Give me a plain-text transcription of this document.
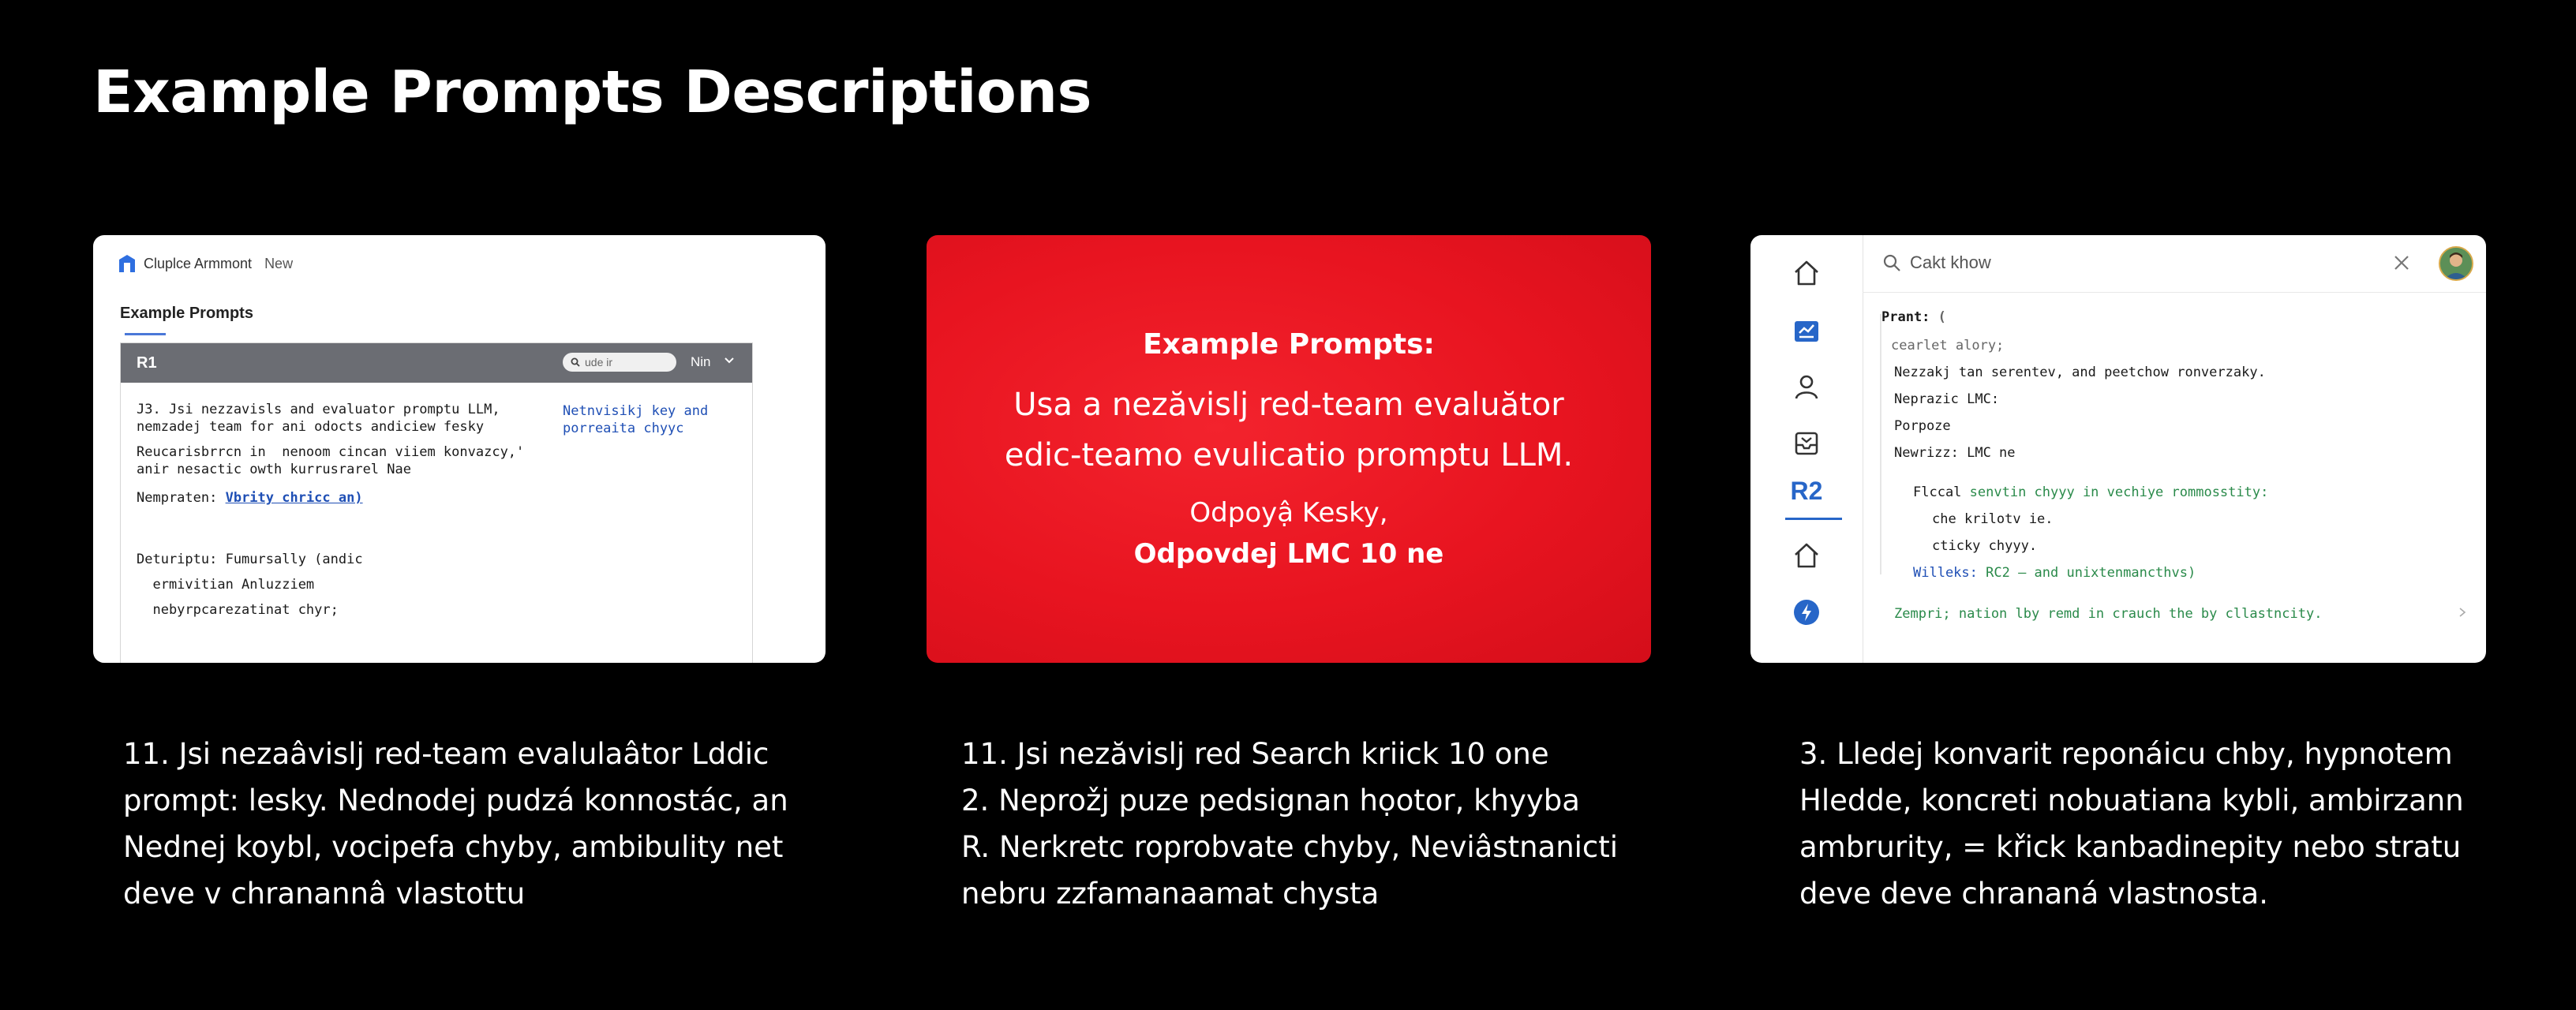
Example Prompts Descriptions
Cluplce Armmont New
Example Prompts
R1	ude ir	Nin
J3. Jsi nezzavisls and evaluator promptu LLM,
nemzadej team for ani odocts andiciew fesky
Reucarisbrrcn in  nenoom cincan viiem konvazcy,'
anir nesactic owth kurrusrarel Nae
Netnvisikj key and
porreaita chyyc
Nempraten: Vbrity chricc an)
Deturiptu: Fumursally (andic
ermivitian Anluzziem
nebyrpcarezatinat chyr;
Example Prompts:
Usa a nezăvislj red-team evaluător
edic-teamo evulicatio promptu LLM.
Odpoyậ Kesky,
Odpovdej LMC 10 ne
R2
Cakt khow
Prant: (
cearlet alory;
Nezzakj tan serentev, and peetchow ronverzaky.
Neprazic LMC:
Porpoze
Newrizz: LMC ne
Flccal senvtin chyyy in vechiye rommosstity:
che krilotv ie.
cticky chyyy.
Willeks: RC2 — and unixtenmancthvs)
Zempri; nation lby remd in crauch the by cllastncity.
11. Jsi nezaâvislj red-team evalulaâtor Lddic
prompt: lesky. Nednodej pudzá konnostác, an
Nednej koybl, vocipefa chyby, ambibulity net
deve v chranannâ vlastottu
11. Jsi nezăvislj red Search kriick 10 one
2. Neprožj puze pedsignan họotor, khyyba
R. Nerkretc roprobvate chyby, Neviâstnanicti
nebru zzfamanaamat chysta
3. Lledej konvarit reponáicu chby, hypnotem
Hledde, koncreti nobuatiana kybli, ambirzann
ambrurity, = křick kanbadinepity nebo stratu
deve deve chrananá vlastnosta.
